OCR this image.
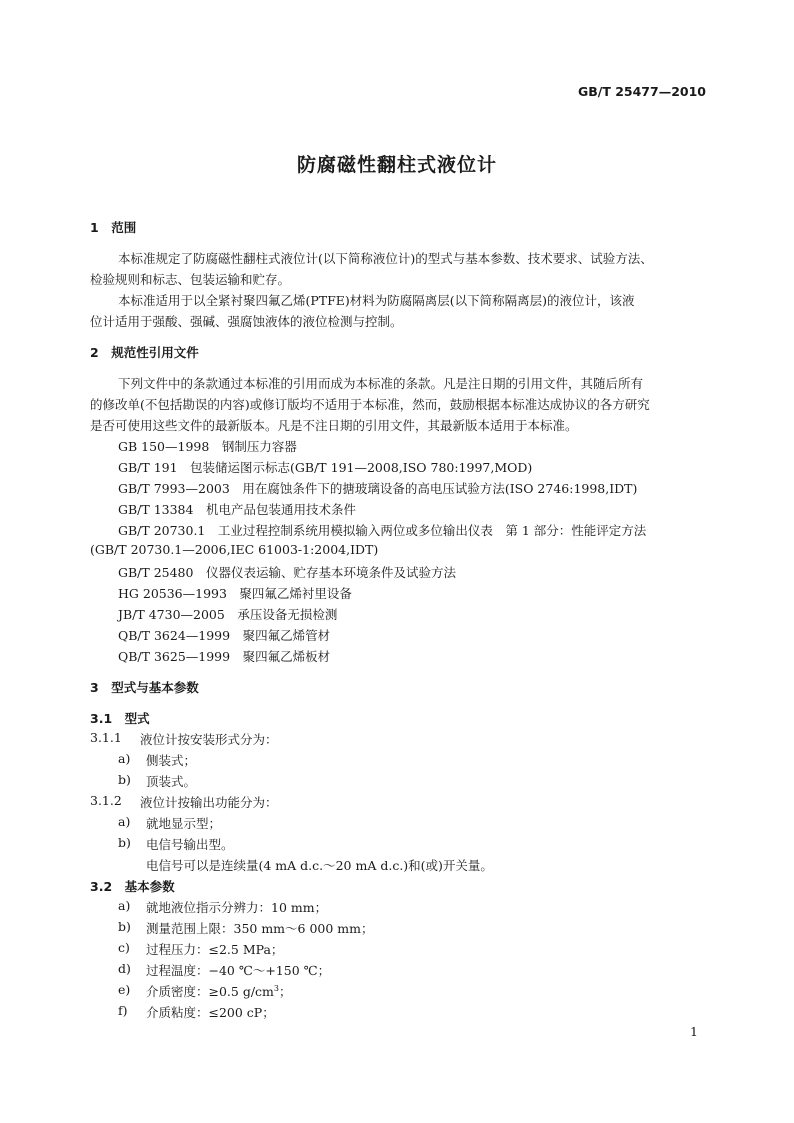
GB/T 25477—2010
防腐磁性翻柱式液位计
1　范围
本标准规定了防腐磁性翻柱式液位计(以下简称液位计)的型式与基本参数、技术要求、试验方法、
检验规则和标志、包装运输和贮存。
本标准适用于以全紧衬聚四氟乙烯(PTFE)材料为防腐隔离层(以下简称隔离层)的液位计，该液
位计适用于强酸、强碱、强腐蚀液体的液位检测与控制。
2　规范性引用文件
下列文件中的条款通过本标准的引用而成为本标准的条款。凡是注日期的引用文件，其随后所有
的修改单(不包括勘误的内容)或修订版均不适用于本标准，然而，鼓励根据本标准达成协议的各方研究
是否可使用这些文件的最新版本。凡是不注日期的引用文件，其最新版本适用于本标准。
GB 150—1998　钢制压力容器
GB/T 191　包装储运图示标志(GB/T 191—2008,ISO 780:1997,MOD)
GB/T 7993—2003　用在腐蚀条件下的搪玻璃设备的高电压试验方法(ISO 2746:1998,IDT)
GB/T 13384　机电产品包装通用技术条件
GB/T 20730.1　工业过程控制系统用模拟输入两位或多位输出仪表　第 1 部分：性能评定方法
(GB/T 20730.1—2006,IEC 61003-1:2004,IDT)
GB/T 25480　仪器仪表运输、贮存基本环境条件及试验方法
HG 20536—1993　聚四氟乙烯衬里设备
JB/T 4730—2005　承压设备无损检测
QB/T 3624—1999　聚四氟乙烯管材
QB/T 3625—1999　聚四氟乙烯板材
3　型式与基本参数
3.1　型式
3.1.1 液位计按安装形式分为：
a) 侧装式；
b) 顶装式。
3.1.2 液位计按输出功能分为：
a) 就地显示型；
b) 电信号输出型。
电信号可以是连续量(4 mA d.c.～20 mA d.c.)和(或)开关量。
3.2　基本参数
a) 就地液位指示分辨力：10 mm；
b) 测量范围上限：350 mm～6 000 mm；
c) 过程压力：≤2.5 MPa；
d) 过程温度：−40 ℃～+150 ℃；
e) 介质密度：≥0.5 $g/cm^3$；
f) 介质粘度：≤200 cP；
1
